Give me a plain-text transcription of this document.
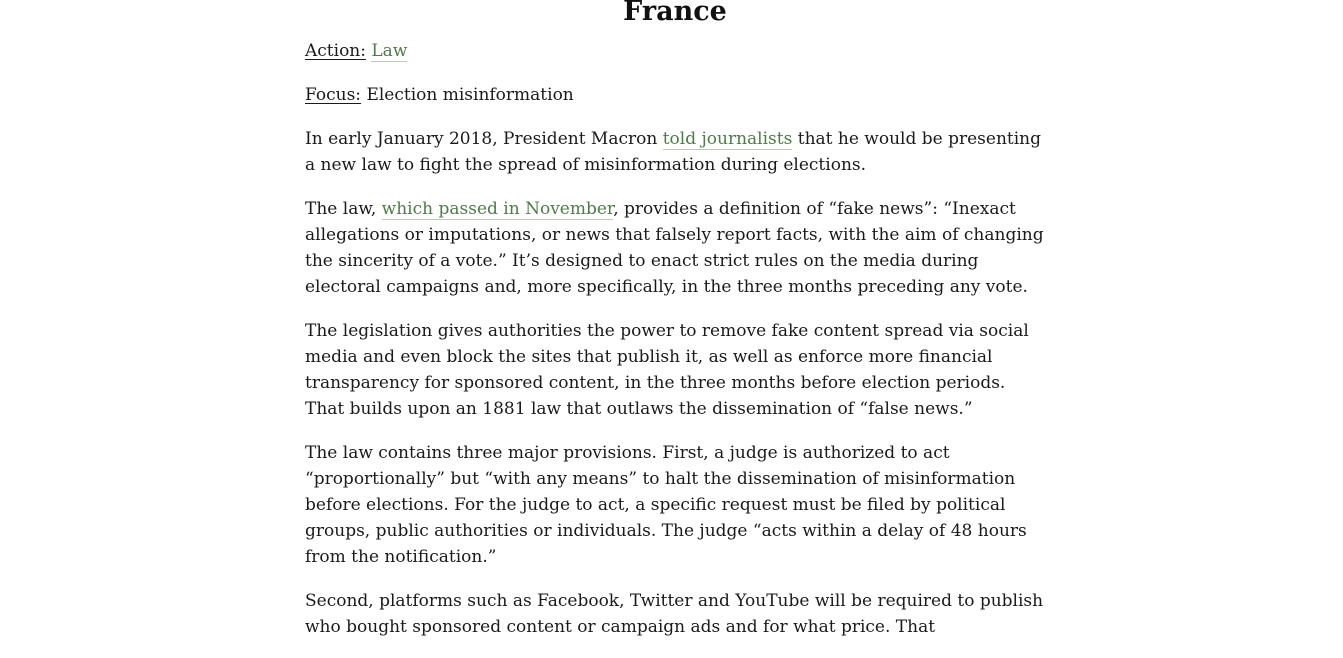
France

Action: Law

Focus: Election misinformation

In early January 2018, President Macron told journalists that he would be presenting a new law to fight the spread of misinformation during elections.

The law, which passed in November, provides a definition of “fake news”: “Inexact allegations or imputations, or news that falsely report facts, with the aim of changing the sincerity of a vote.” It’s designed to enact strict rules on the media during electoral campaigns and, more specifically, in the three months preceding any vote.

The legislation gives authorities the power to remove fake content spread via social media and even block the sites that publish it, as well as enforce more financial transparency for sponsored content, in the three months before election periods. That builds upon an 1881 law that outlaws the dissemination of “false news.”

The law contains three major provisions. First, a judge is authorized to act “proportionally” but “with any means” to halt the dissemination of misinformation before elections. For the judge to act, a specific request must be filed by political groups, public authorities or individuals. The judge “acts within a delay of 48 hours from the notification.”

Second, platforms such as Facebook, Twitter and YouTube will be required to publish who bought sponsored content or campaign ads and for what price. That
